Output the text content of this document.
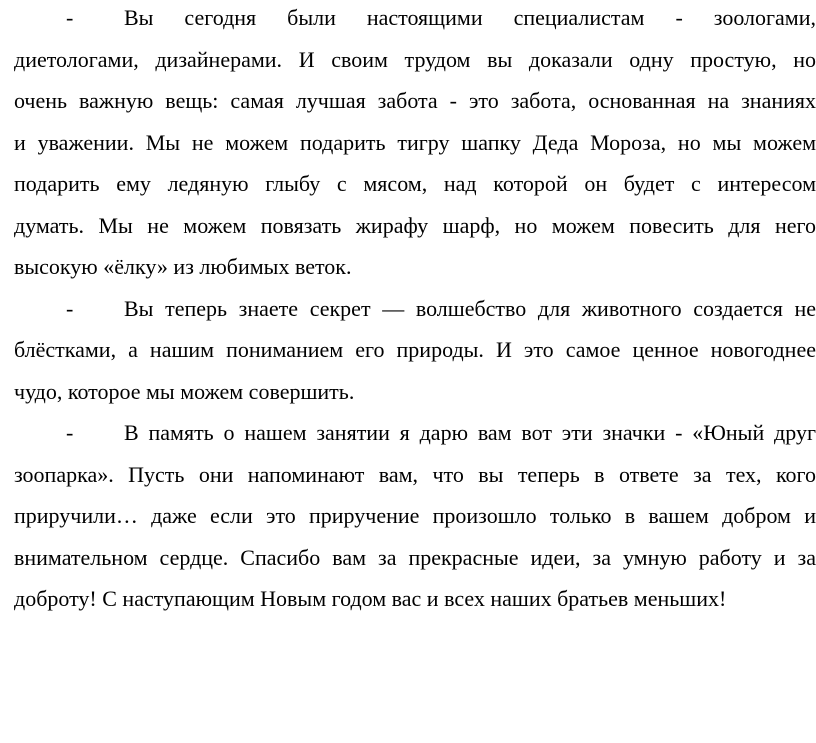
- Вы сегодня были настоящими специалистам - зоологами,
диетологами, дизайнерами. И своим трудом вы доказали одну простую, но
очень важную вещь: самая лучшая забота - это забота, основанная на знаниях
и уважении. Мы не можем подарить тигру шапку Деда Мороза, но мы можем
подарить ему ледяную глыбу с мясом, над которой он будет с интересом
думать. Мы не можем повязать жирафу шарф, но можем повесить для него
высокую «ёлку» из любимых веток.
- Вы теперь знаете секрет — волшебство для животного создается не
блёстками, а нашим пониманием его природы. И это самое ценное новогоднее
чудо, которое мы можем совершить.
- В память о нашем занятии я дарю вам вот эти значки - «Юный друг
зоопарка». Пусть они напоминают вам, что вы теперь в ответе за тех, кого
приручили… даже если это приручение произошло только в вашем добром и
внимательном сердце. Спасибо вам за прекрасные идеи, за умную работу и за
доброту! С наступающим Новым годом вас и всех наших братьев меньших!
